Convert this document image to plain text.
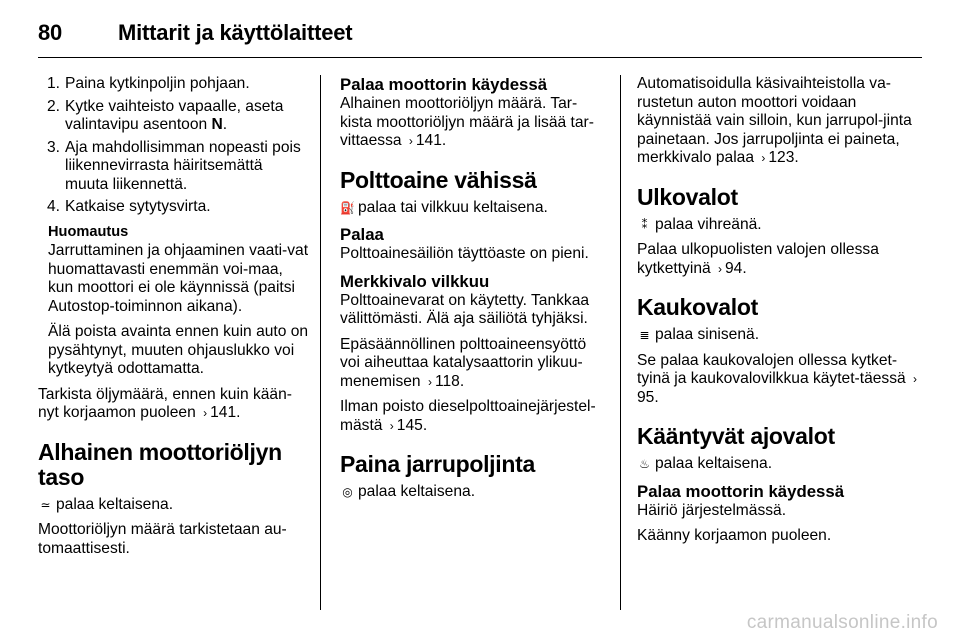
80	Mittarit ja käyttölaitteet
1. Paina kytkinpoljin pohjaan.
2. Kytke vaihteisto vapaalle, aseta valintavipu asentoon N.
3. Aja mahdollisimman nopeasti pois liikennevirrasta häiritsemättä muuta liikennettä.
4. Katkaise sytytysvirta.
Huomautus

Jarruttaminen ja ohjaaminen vaati-vat huomattavasti enemmän voi-maa, kun moottori ei ole käynnissä (paitsi Autostop-toiminnon aikana).

Älä poista avainta ennen kuin auto on pysähtynyt, muuten ohjauslukko voi kytkeytyä odottamatta.

Tarkista öljymäärä, ennen kuin kään-nyt korjaamon puoleen › 141.

Alhainen moottoriöljyn taso

≃ palaa keltaisena.

Moottoriöljyn määrä tarkistetaan au-tomaattisesti.

Palaa moottorin käydessä

Alhainen moottoriöljyn määrä. Tar-kista moottoriöljyn määrä ja lisää tar-vittaessa › 141.

Polttoaine vähissä

⛽ palaa tai vilkkuu keltaisena.

Palaa

Polttoainesäiliön täyttöaste on pieni.

Merkkivalo vilkkuu

Polttoainevarat on käytetty. Tankkaa välittömästi. Älä aja säiliötä tyhjäksi.

Epäsäännöllinen polttoaineensyöttö voi aiheuttaa katalysaattorin ylikuu-menemisen › 118.

Ilman poisto dieselpolttoainejärjestel-mästä › 145.

Paina jarrupoljinta

◎ palaa keltaisena.

Automatisoidulla käsivaihteistolla va-rustetun auton moottori voidaan käynnistää vain silloin, kun jarrupol-jinta painetaan. Jos jarrupoljinta ei paineta, merkkivalo palaa › 123.

Ulkovalot

⁑ palaa vihreänä.

Palaa ulkopuolisten valojen ollessa kytkettyinä › 94.

Kaukovalot

≣ palaa sinisenä.

Se palaa kaukovalojen ollessa kytket-tyinä ja kaukovalovilkkua käytet-täessä ›95.

Kääntyvät ajovalot

♨ palaa keltaisena.

Palaa moottorin käydessä

Häiriö järjestelmässä.

Käänny korjaamon puoleen.

carmanualsonline.info
